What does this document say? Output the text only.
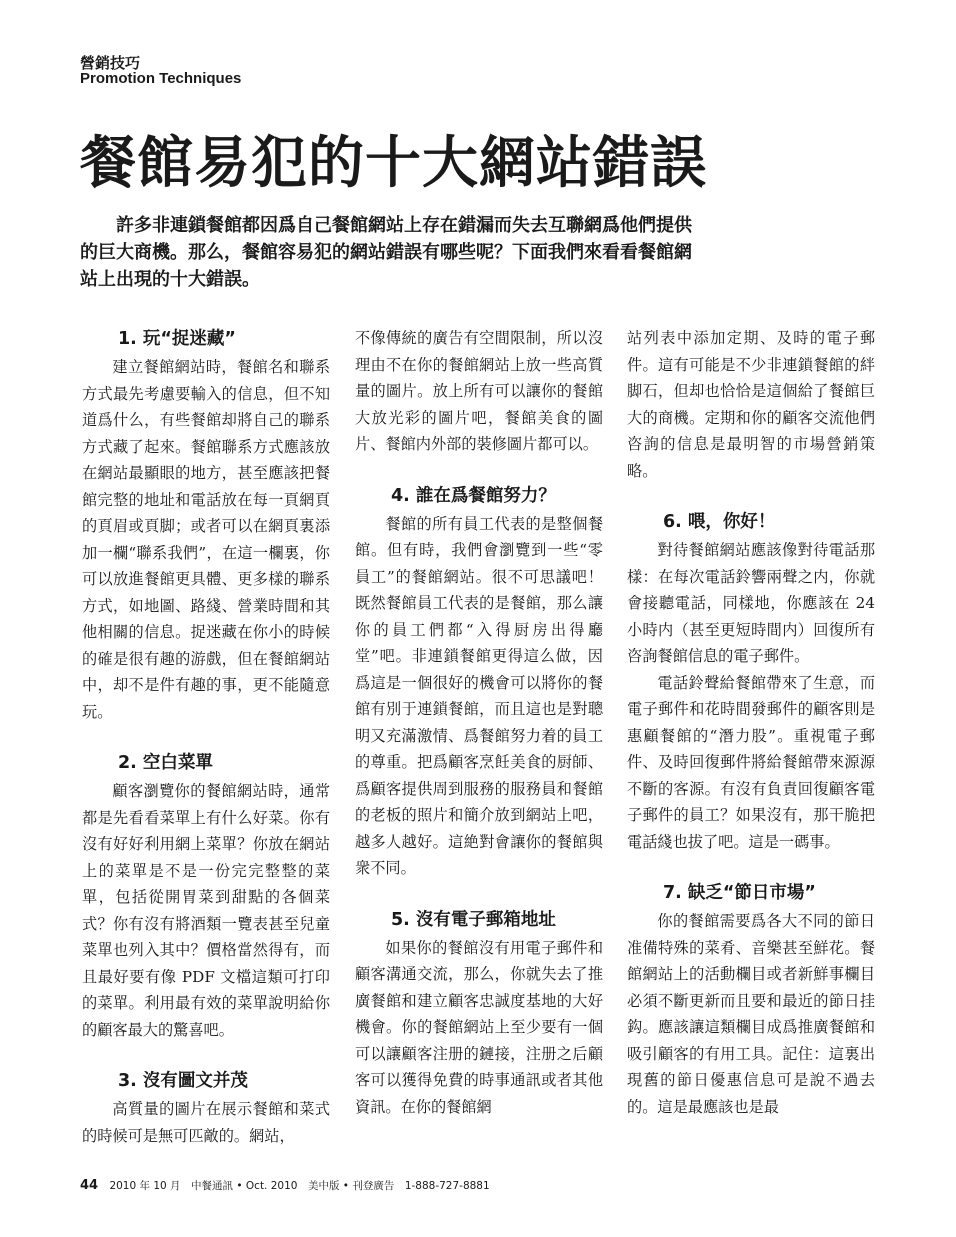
營銷技巧
Promotion Techniques
餐館易犯的十大網站錯誤

許多非連鎖餐館都因爲自己餐館網站上存在錯漏而失去互聯網爲他們提供的巨大商機。那么，餐館容易犯的網站錯誤有哪些呢？下面我們來看看餐館網站上出現的十大錯誤。

1. 玩“捉迷藏”

建立餐館網站時，餐館名和聯系方式最先考慮要輸入的信息，但不知道爲什么，有些餐館却將自己的聯系方式藏了起來。餐館聯系方式應該放在網站最顯眼的地方，甚至應該把餐館完整的地址和電話放在每一頁網頁的頁眉或頁脚；或者可以在網頁裏添加一欄“聯系我們”，在這一欄裏，你可以放進餐館更具體、更多樣的聯系方式，如地圖、路綫、營業時間和其他相關的信息。捉迷藏在你小的時候的確是很有趣的游戲，但在餐館網站中，却不是件有趣的事，更不能隨意玩。

2. 空白菜單

顧客瀏覽你的餐館網站時，通常都是先看看菜單上有什么好菜。你有沒有好好利用網上菜單？你放在網站上的菜單是不是一份完完整整的菜單，包括從開胃菜到甜點的各個菜式？你有沒有將酒類一覽表甚至兒童菜單也列入其中？價格當然得有，而且最好要有像 PDF 文檔這類可打印的菜單。利用最有效的菜單說明給你的顧客最大的驚喜吧。

3. 沒有圖文并茂

高質量的圖片在展示餐館和菜式的時候可是無可匹敵的。網站，

不像傳統的廣告有空間限制，所以沒理由不在你的餐館網站上放一些高質量的圖片。放上所有可以讓你的餐館大放光彩的圖片吧，餐館美食的圖片、餐館内外部的裝修圖片都可以。

4. 誰在爲餐館努力？

餐館的所有員工代表的是整個餐館。但有時，我們會瀏覽到一些“零員工”的餐館網站。很不可思議吧！既然餐館員工代表的是餐館，那么讓你的員工們都“入得厨房出得廳堂”吧。非連鎖餐館更得這么做，因爲這是一個很好的機會可以將你的餐館有別于連鎖餐館，而且這也是對聰明又充滿激情、爲餐館努力着的員工的尊重。把爲顧客烹飪美食的厨師、爲顧客提供周到服務的服務員和餐館的老板的照片和簡介放到網站上吧，越多人越好。這絶對會讓你的餐館與衆不同。

5. 沒有電子郵箱地址

如果你的餐館沒有用電子郵件和顧客溝通交流，那么，你就失去了推廣餐館和建立顧客忠誠度基地的大好機會。你的餐館網站上至少要有一個可以讓顧客注册的鏈接，注册之后顧客可以獲得免費的時事通訊或者其他資訊。在你的餐館網

站列表中添加定期、及時的電子郵件。這有可能是不少非連鎖餐館的絆脚石，但却也恰恰是這個給了餐館巨大的商機。定期和你的顧客交流他們咨詢的信息是最明智的市場營銷策略。

6. 喂，你好！

對待餐館網站應該像對待電話那樣：在每次電話鈴響兩聲之内，你就會接聽電話，同樣地，你應該在 24 小時内（甚至更短時間内）回復所有咨詢餐館信息的電子郵件。

電話鈴聲給餐館帶來了生意，而電子郵件和花時間發郵件的顧客則是惠顧餐館的“潛力股”。重視電子郵件、及時回復郵件將給餐館帶來源源不斷的客源。有沒有負責回復顧客電子郵件的員工？如果沒有，那干脆把電話綫也拔了吧。這是一碼事。

7. 缺乏“節日市場”

你的餐館需要爲各大不同的節日准備特殊的菜肴、音樂甚至鮮花。餐館網站上的活動欄目或者新鮮事欄目必須不斷更新而且要和最近的節日挂鈎。應該讓這類欄目成爲推廣餐館和吸引顧客的有用工具。記住：這裏出現舊的節日優惠信息可是說不過去的。這是最應該也是最

44 2010 年 10 月　中餐通訊 • Oct. 2010　美中版 • 刊登廣告　1-888-727-8881
